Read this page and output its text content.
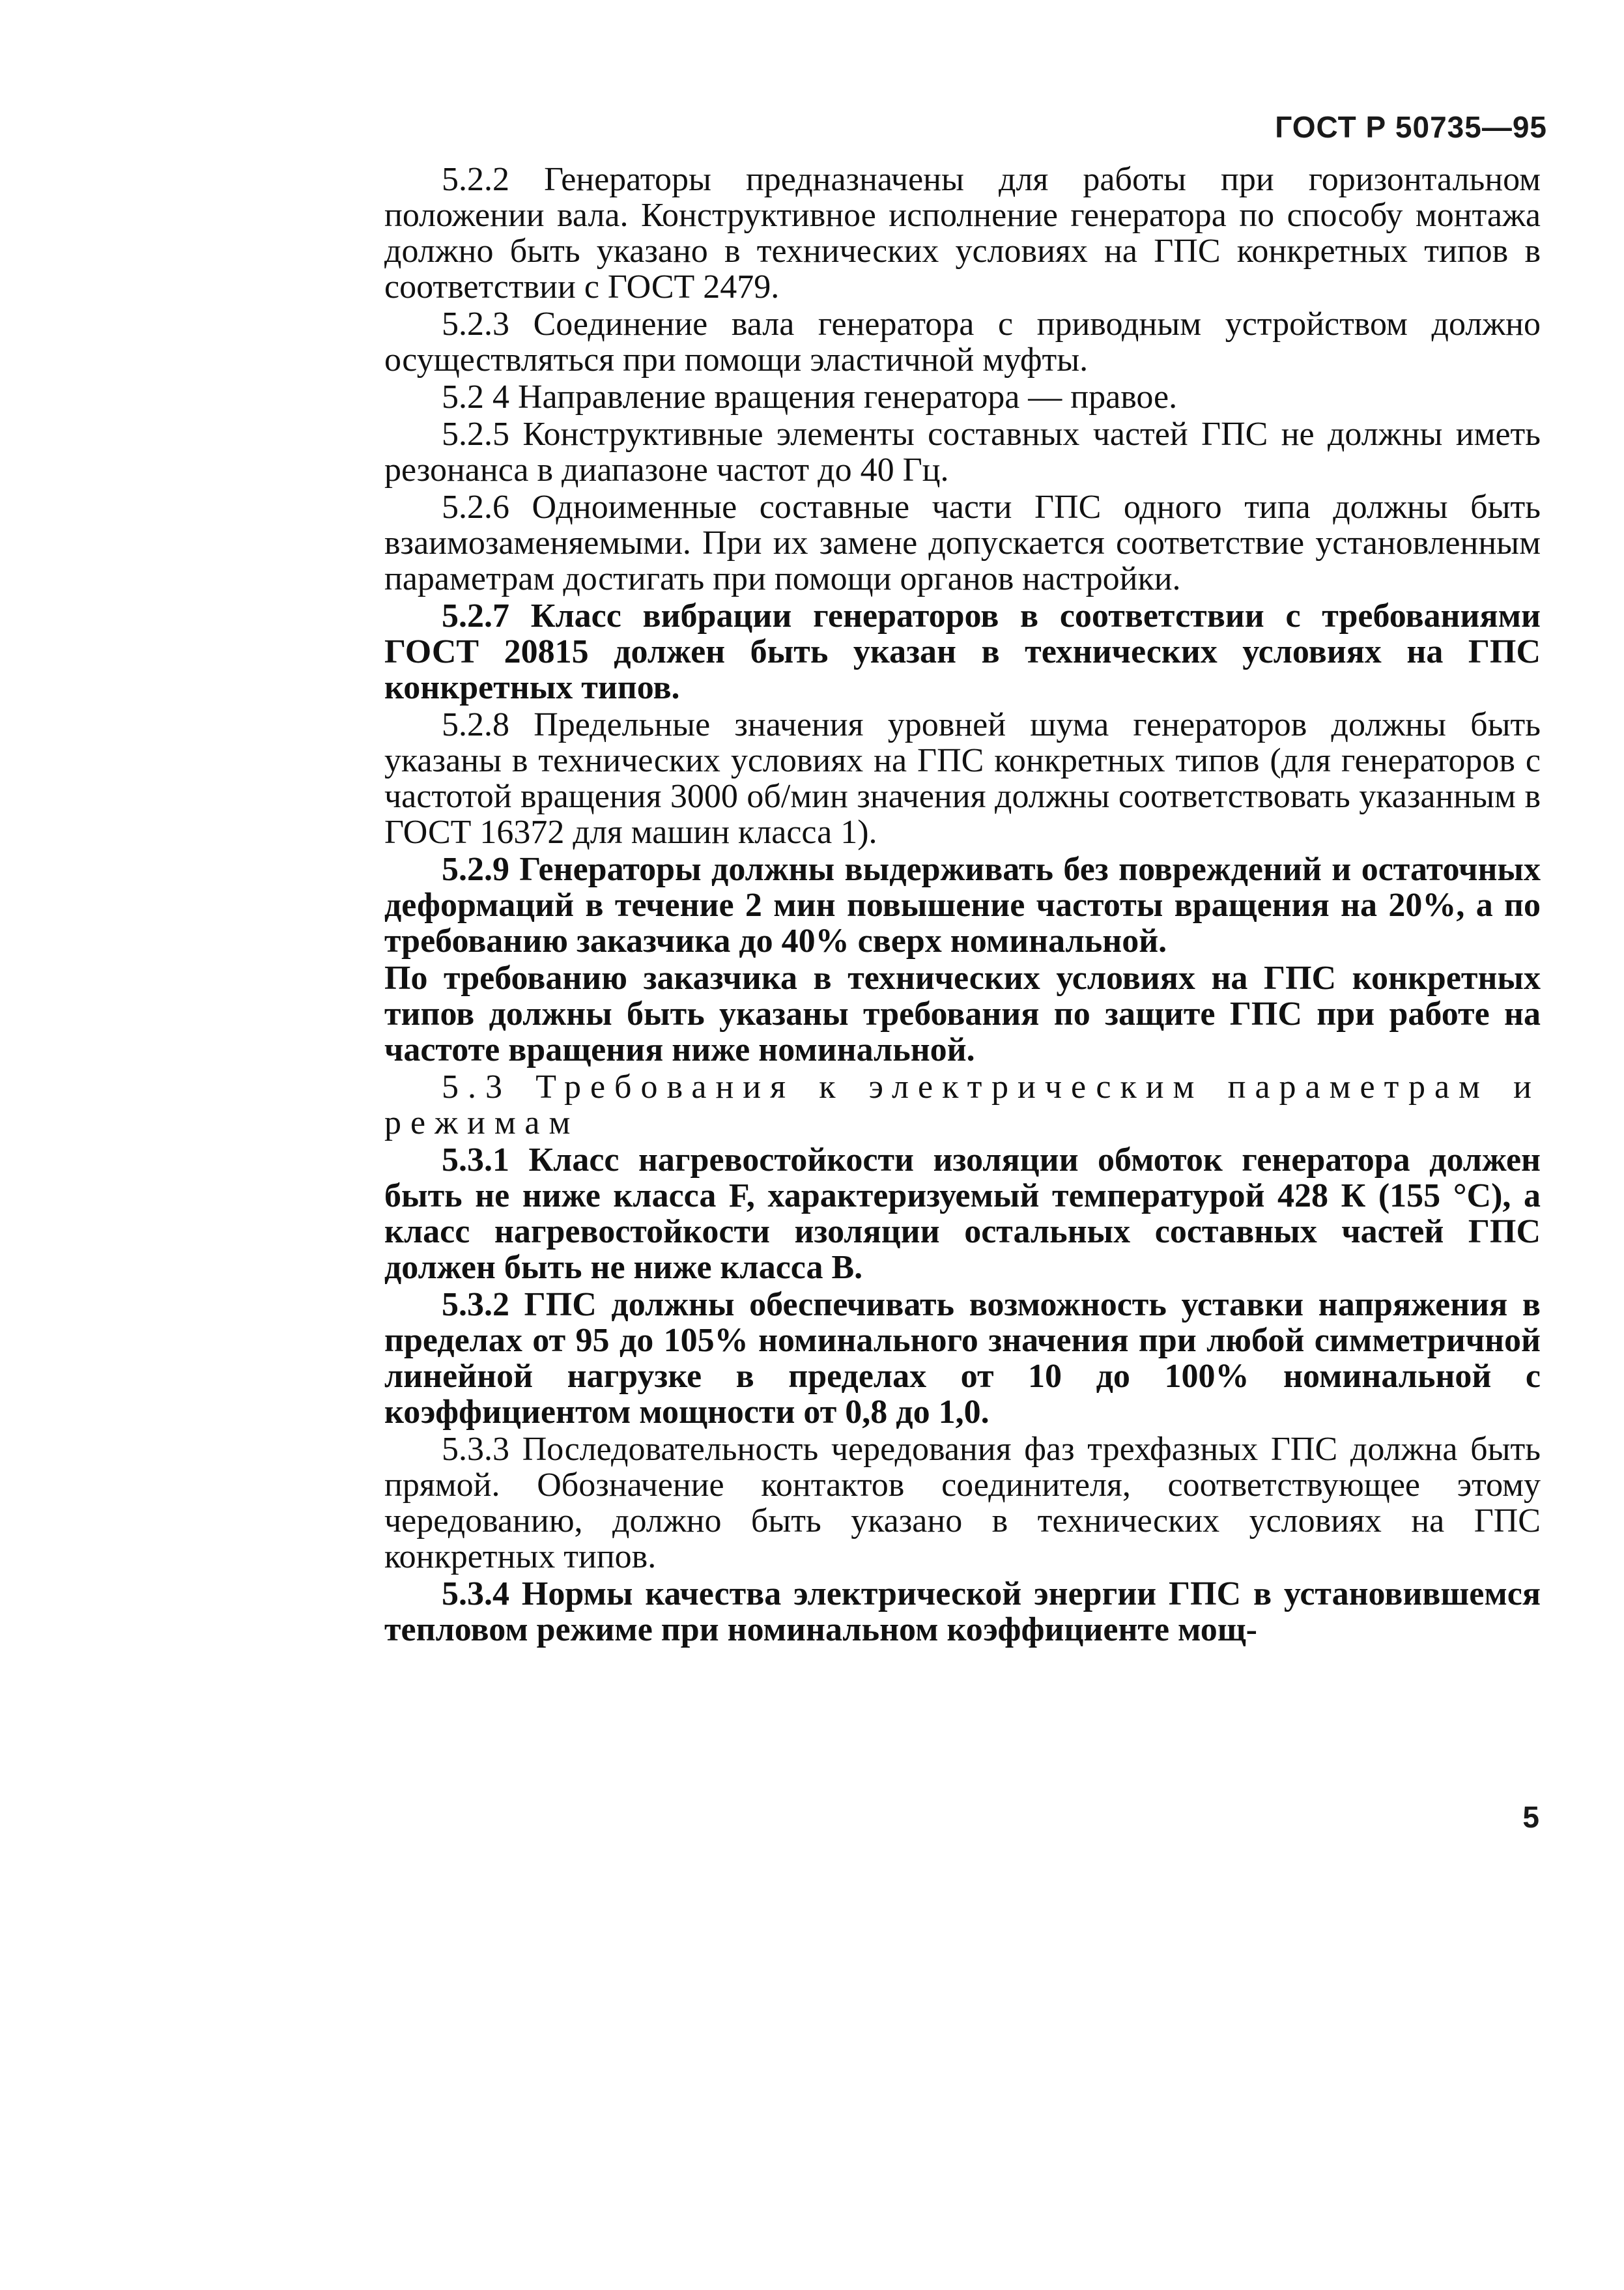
ГОСТ Р 50735—95

5.2.2 Генераторы предназначены для работы при горизонтальном положении вала. Конструктивное исполнение генератора по способу монтажа должно быть указано в технических условиях на ГПС конкретных типов в соответствии с ГОСТ 2479.

5.2.3 Соединение вала генератора с приводным устройством должно осуществляться при помощи эластичной муфты.

5.2 4 Направление вращения генератора — правое.

5.2.5 Конструктивные элементы составных частей ГПС не должны иметь резонанса в диапазоне частот до 40 Гц.

5.2.6 Одноименные составные части ГПС одного типа должны быть взаимозаменяемыми. При их замене допускается соответствие установленным параметрам достигать при помощи органов настройки.

5.2.7 Класс вибрации генераторов в соответствии с требованиями ГОСТ 20815 должен быть указан в технических условиях на ГПС конкретных типов.

5.2.8 Предельные значения уровней шума генераторов должны быть указаны в технических условиях на ГПС конкретных типов (для генераторов с частотой вращения 3000 об/мин значения должны соответствовать указанным в ГОСТ 16372 для машин класса 1).

5.2.9 Генераторы должны выдерживать без повреждений и остаточных деформаций в течение 2 мин повышение частоты вращения на 20%, а по требованию заказчика до 40% сверх номинальной.

По требованию заказчика в технических условиях на ГПС конкретных типов должны быть указаны требования по защите ГПС при работе на частоте вращения ниже номинальной.

5.3 Требования к электрическим параметрам и режимам

5.3.1 Класс нагревостойкости изоляции обмоток генератора должен быть не ниже класса F, характеризуемый температурой 428 К (155 °С), а класс нагревостойкости изоляции остальных составных частей ГПС должен быть не ниже класса В.

5.3.2 ГПС должны обеспечивать возможность уставки напряжения в пределах от 95 до 105% номинального значения при любой симметричной линейной нагрузке в пределах от 10 до 100% номинальной с коэффициентом мощности от 0,8 до 1,0.

5.3.3 Последовательность чередования фаз трехфазных ГПС должна быть прямой. Обозначение контактов соединителя, соответствующее этому чередованию, должно быть указано в технических условиях на ГПС конкретных типов.

5.3.4 Нормы качества электрической энергии ГПС в установившемся тепловом режиме при номинальном коэффициенте мощ-

5
